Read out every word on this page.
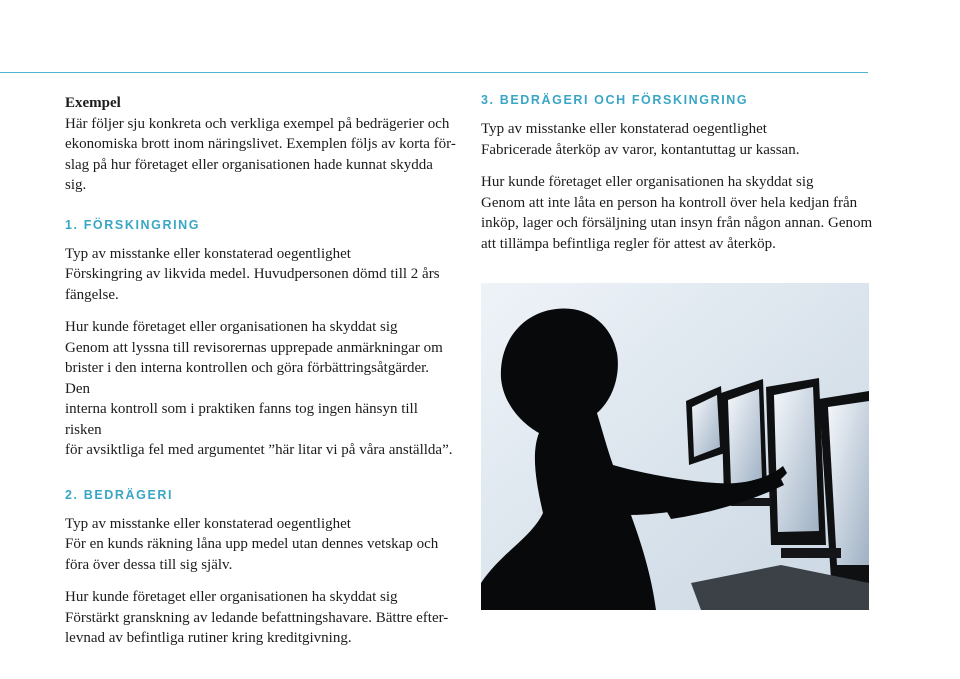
Exempel

Här följer sju konkreta och verkliga exempel på bedrägerier och

ekonomiska brott inom näringslivet. Exemplen följs av korta för-

slag på hur företaget eller organisationen hade kunnat skydda sig.

1. FÖRSKINGRING

Typ av misstanke eller konstaterad oegentlighet

Förskingring av likvida medel. Huvudpersonen dömd till 2 års

fängelse.

Hur kunde företaget eller organisationen ha skyddat sig

Genom att lyssna till revisorernas upprepade anmärkningar om

brister i den interna kontrollen och göra förbättringsåtgärder. Den

interna kontroll som i praktiken fanns tog ingen hänsyn till risken

för avsiktliga fel med argumentet ”här litar vi på våra anställda”.

2. BEDRÄGERI

Typ av misstanke eller konstaterad oegentlighet

För en kunds räkning låna upp medel utan dennes vetskap och

föra över dessa till sig själv.

Hur kunde företaget eller organisationen ha skyddat sig

Förstärkt granskning av ledande befattningshavare. Bättre efter-

levnad av befintliga rutiner kring kreditgivning.

3. BEDRÄGERI OCH FÖRSKINGRING

Typ av misstanke eller konstaterad oegentlighet

Fabricerade återköp av varor, kontantuttag ur kassan.

Hur kunde företaget eller organisationen ha skyddat sig

Genom att inte låta en person ha kontroll över hela kedjan från

inköp, lager och försäljning utan insyn från någon annan. Genom

att tillämpa befintliga regler för attest av återköp.
